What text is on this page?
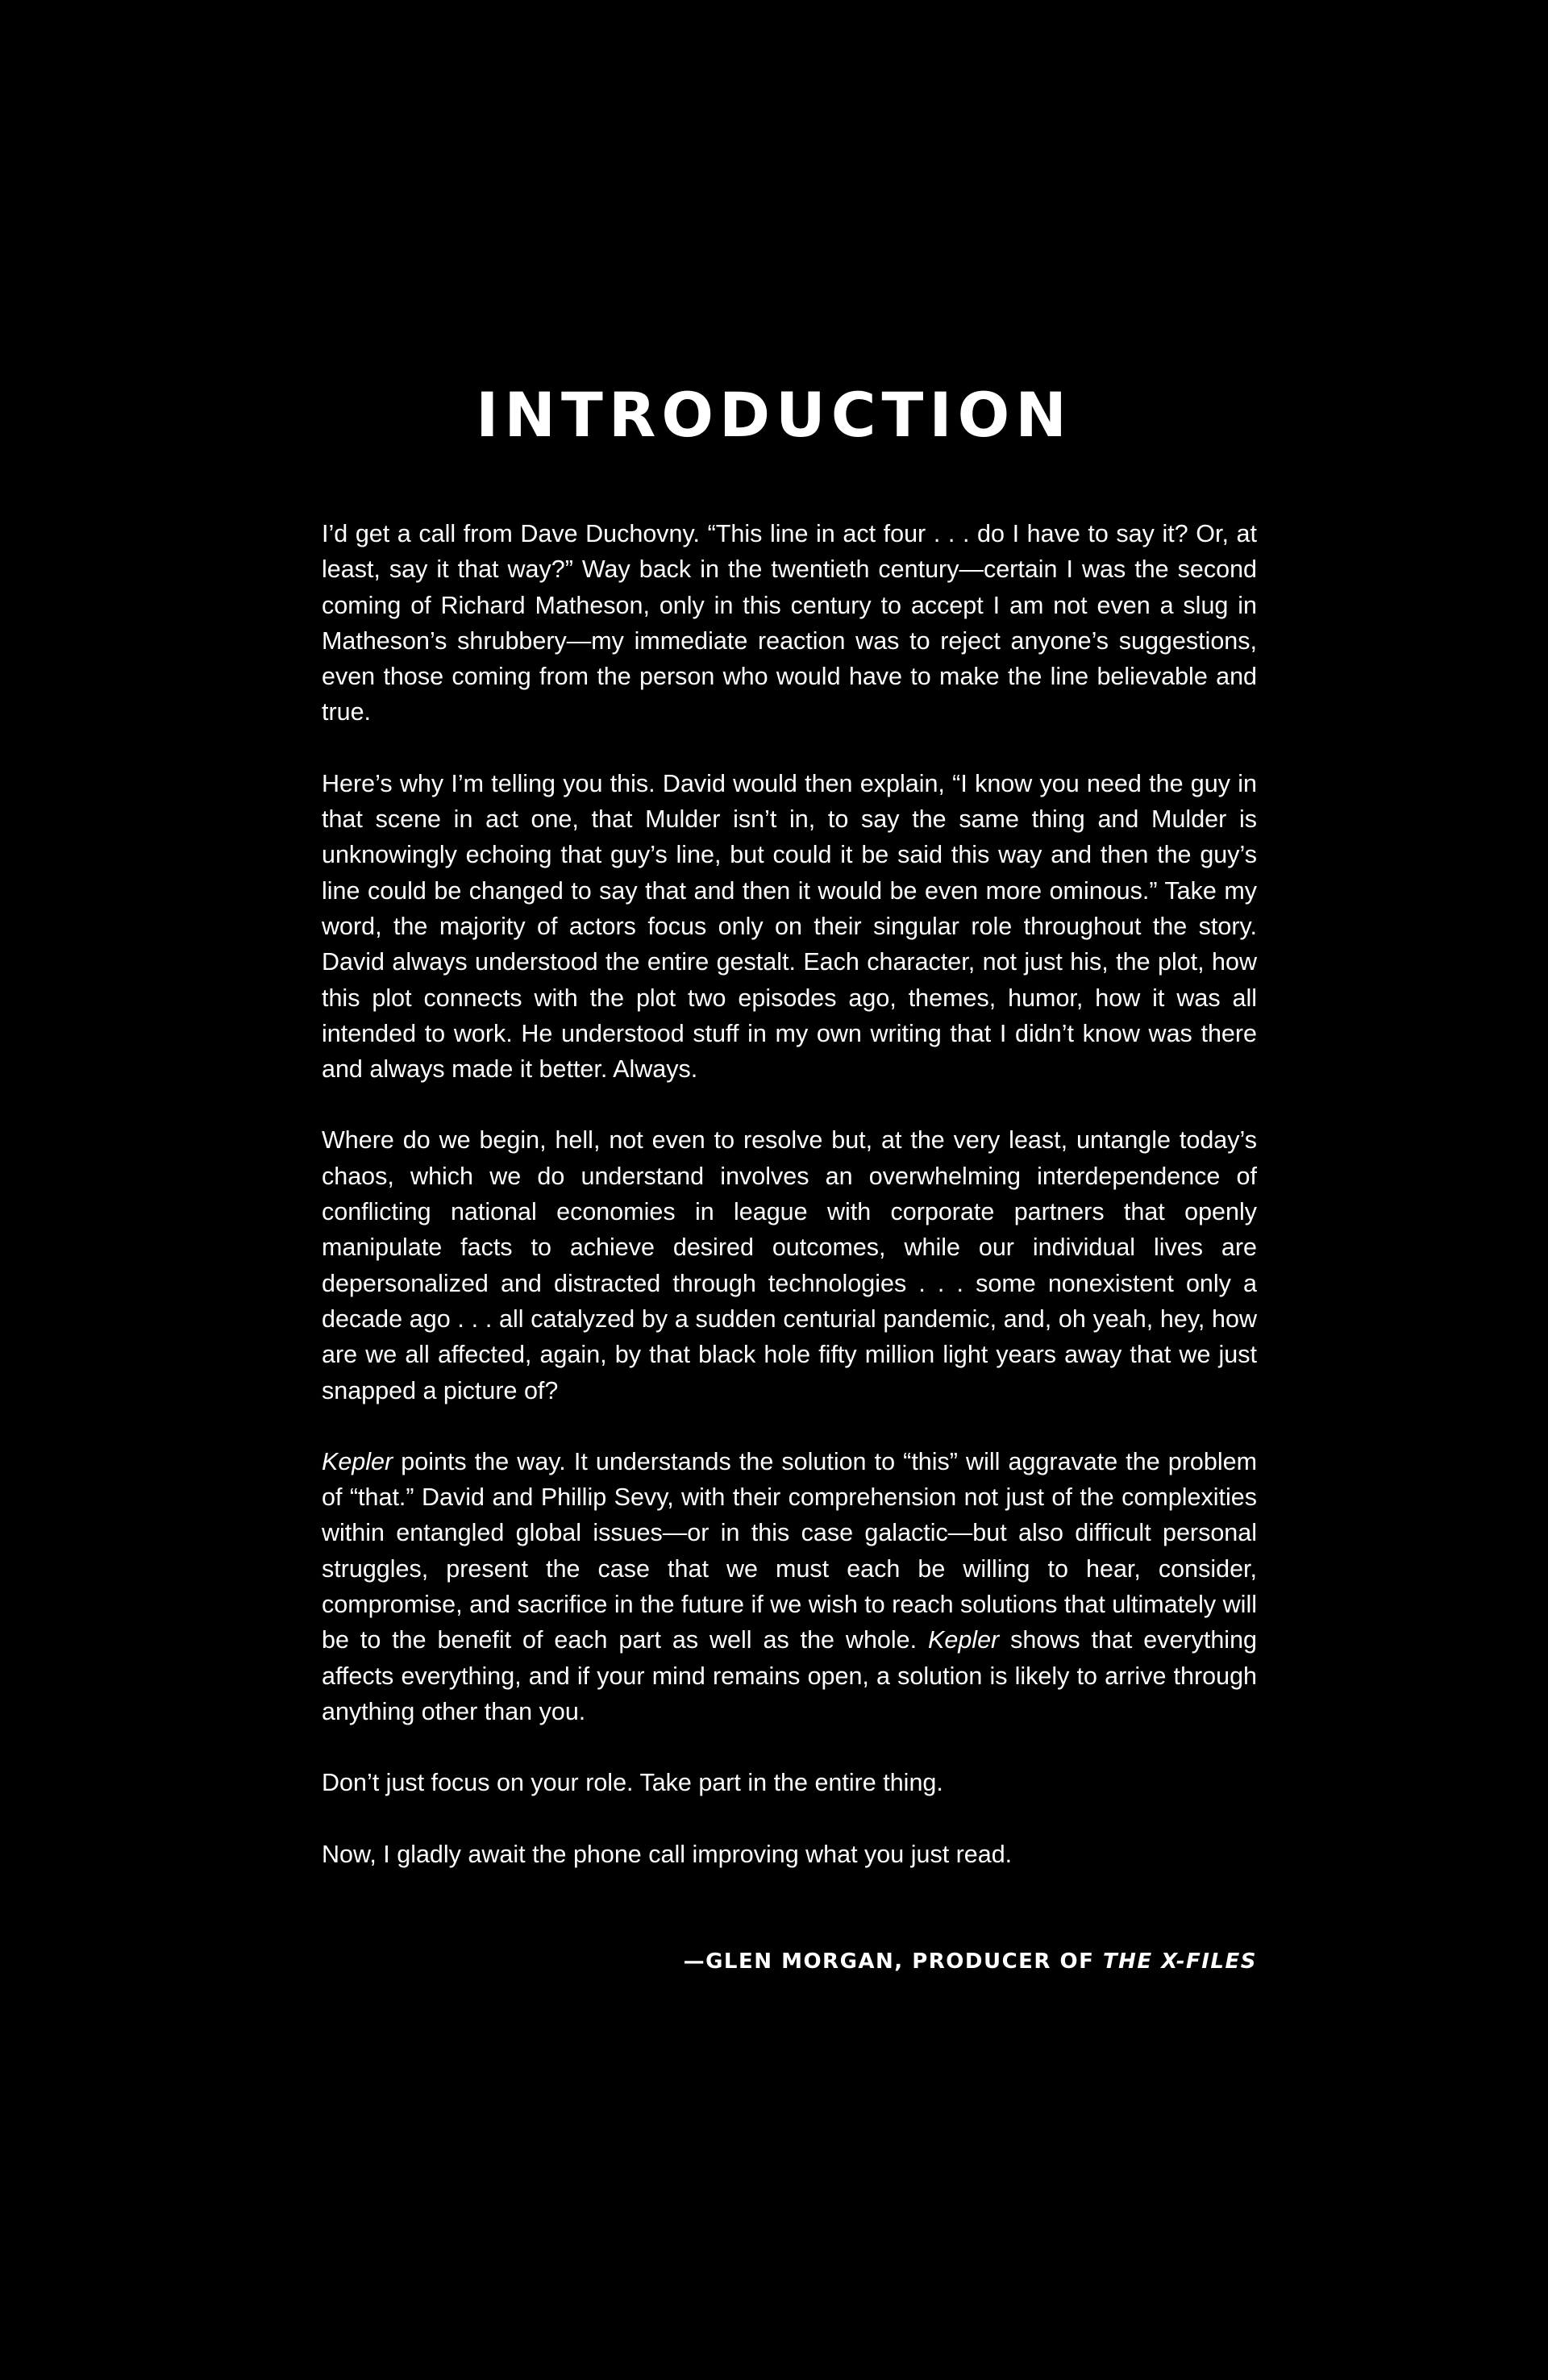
INTRODUCTION

I’d get a call from Dave Duchovny. “This line in act four . . . do I have to say it? Or, at least, say it that way?” Way back in the twentieth century—certain I was the second coming of Richard Matheson, only in this century to accept I am not even a slug in Matheson’s shrubbery—my immediate reaction was to reject anyone’s suggestions, even those coming from the person who would have to make the line believable and true.

Here’s why I’m telling you this. David would then explain, “I know you need the guy in that scene in act one, that Mulder isn’t in, to say the same thing and Mulder is unknowingly echoing that guy’s line, but could it be said this way and then the guy’s line could be changed to say that and then it would be even more ominous.” Take my word, the majority of actors focus only on their singular role throughout the story. David always understood the entire gestalt. Each character, not just his, the plot, how this plot connects with the plot two episodes ago, themes, humor, how it was all intended to work. He understood stuff in my own writing that I didn’t know was there and always made it better. Always.

Where do we begin, hell, not even to resolve but, at the very least, untangle today’s chaos, which we do understand involves an overwhelming interdependence of conflicting national economies in league with corporate partners that openly manipulate facts to achieve desired outcomes, while our individual lives are depersonalized and distracted through technologies . . . some nonexistent only a decade ago . . . all catalyzed by a sudden centurial pandemic, and, oh yeah, hey, how are we all affected, again, by that black hole fifty million light years away that we just snapped a picture of?

Kepler points the way. It understands the solution to “this” will aggravate the problem of “that.” David and Phillip Sevy, with their comprehension not just of the complexities within entangled global issues—or in this case galactic—but also difficult personal struggles, present the case that we must each be willing to hear, consider, compromise, and sacrifice in the future if we wish to reach solutions that ultimately will be to the benefit of each part as well as the whole. Kepler shows that everything affects everything, and if your mind remains open, a solution is likely to arrive through anything other than you.

Don’t just focus on your role. Take part in the entire thing.

Now, I gladly await the phone call improving what you just read.

—GLEN MORGAN, PRODUCER OF THE X-FILES
